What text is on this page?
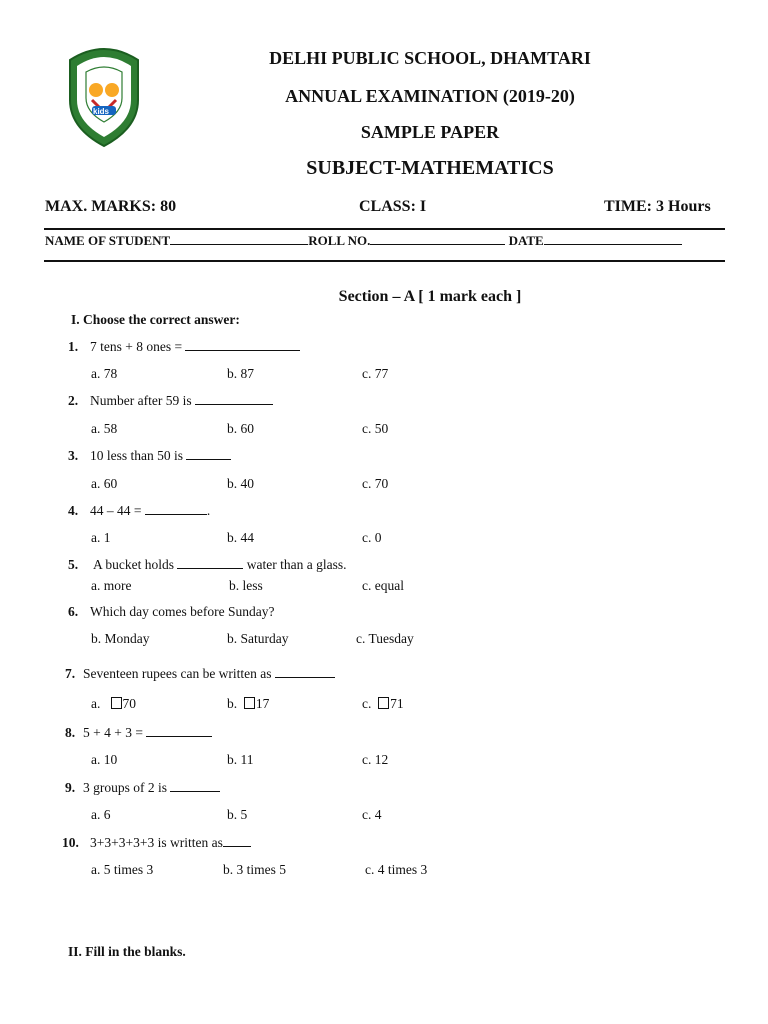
kids
DELHI PUBLIC SCHOOL, DHAMTARI
ANNUAL EXAMINATION (2019-20)
SAMPLE PAPER
SUBJECT-MATHEMATICS
MAX. MARKS: 80	CLASS: I	TIME: 3 Hours
NAME OF STUDENT	ROLL NO.	DATE
Section – A [ 1 mark each ]
I. Choose the correct answer:
1. 7 tens + 8 ones =
a. 78	b. 87	c. 77
2. Number after 59 is
a. 58	b. 60	c. 50
3. 10 less than 50 is
a. 60	b. 40	c. 70
4. 44 – 44 =	.
a. 1	b. 44	c. 0
5. A bucket holds	water than a glass.
a. more	b. less	c. equal
6. Which day comes before Sunday?
b. Monday	b. Saturday	c. Tuesday
7. Seventeen rupees can be written as
a. 70	b. 17	c. 71
8. 5 + 4 + 3 =
a. 10	b. 11	c. 12
9. 3 groups of 2 is
a. 6	b. 5	c. 4
10. 3+3+3+3+3 is written as
a. 5 times 3	b. 3 times 5	c. 4 times 3
II. Fill in the blanks.
